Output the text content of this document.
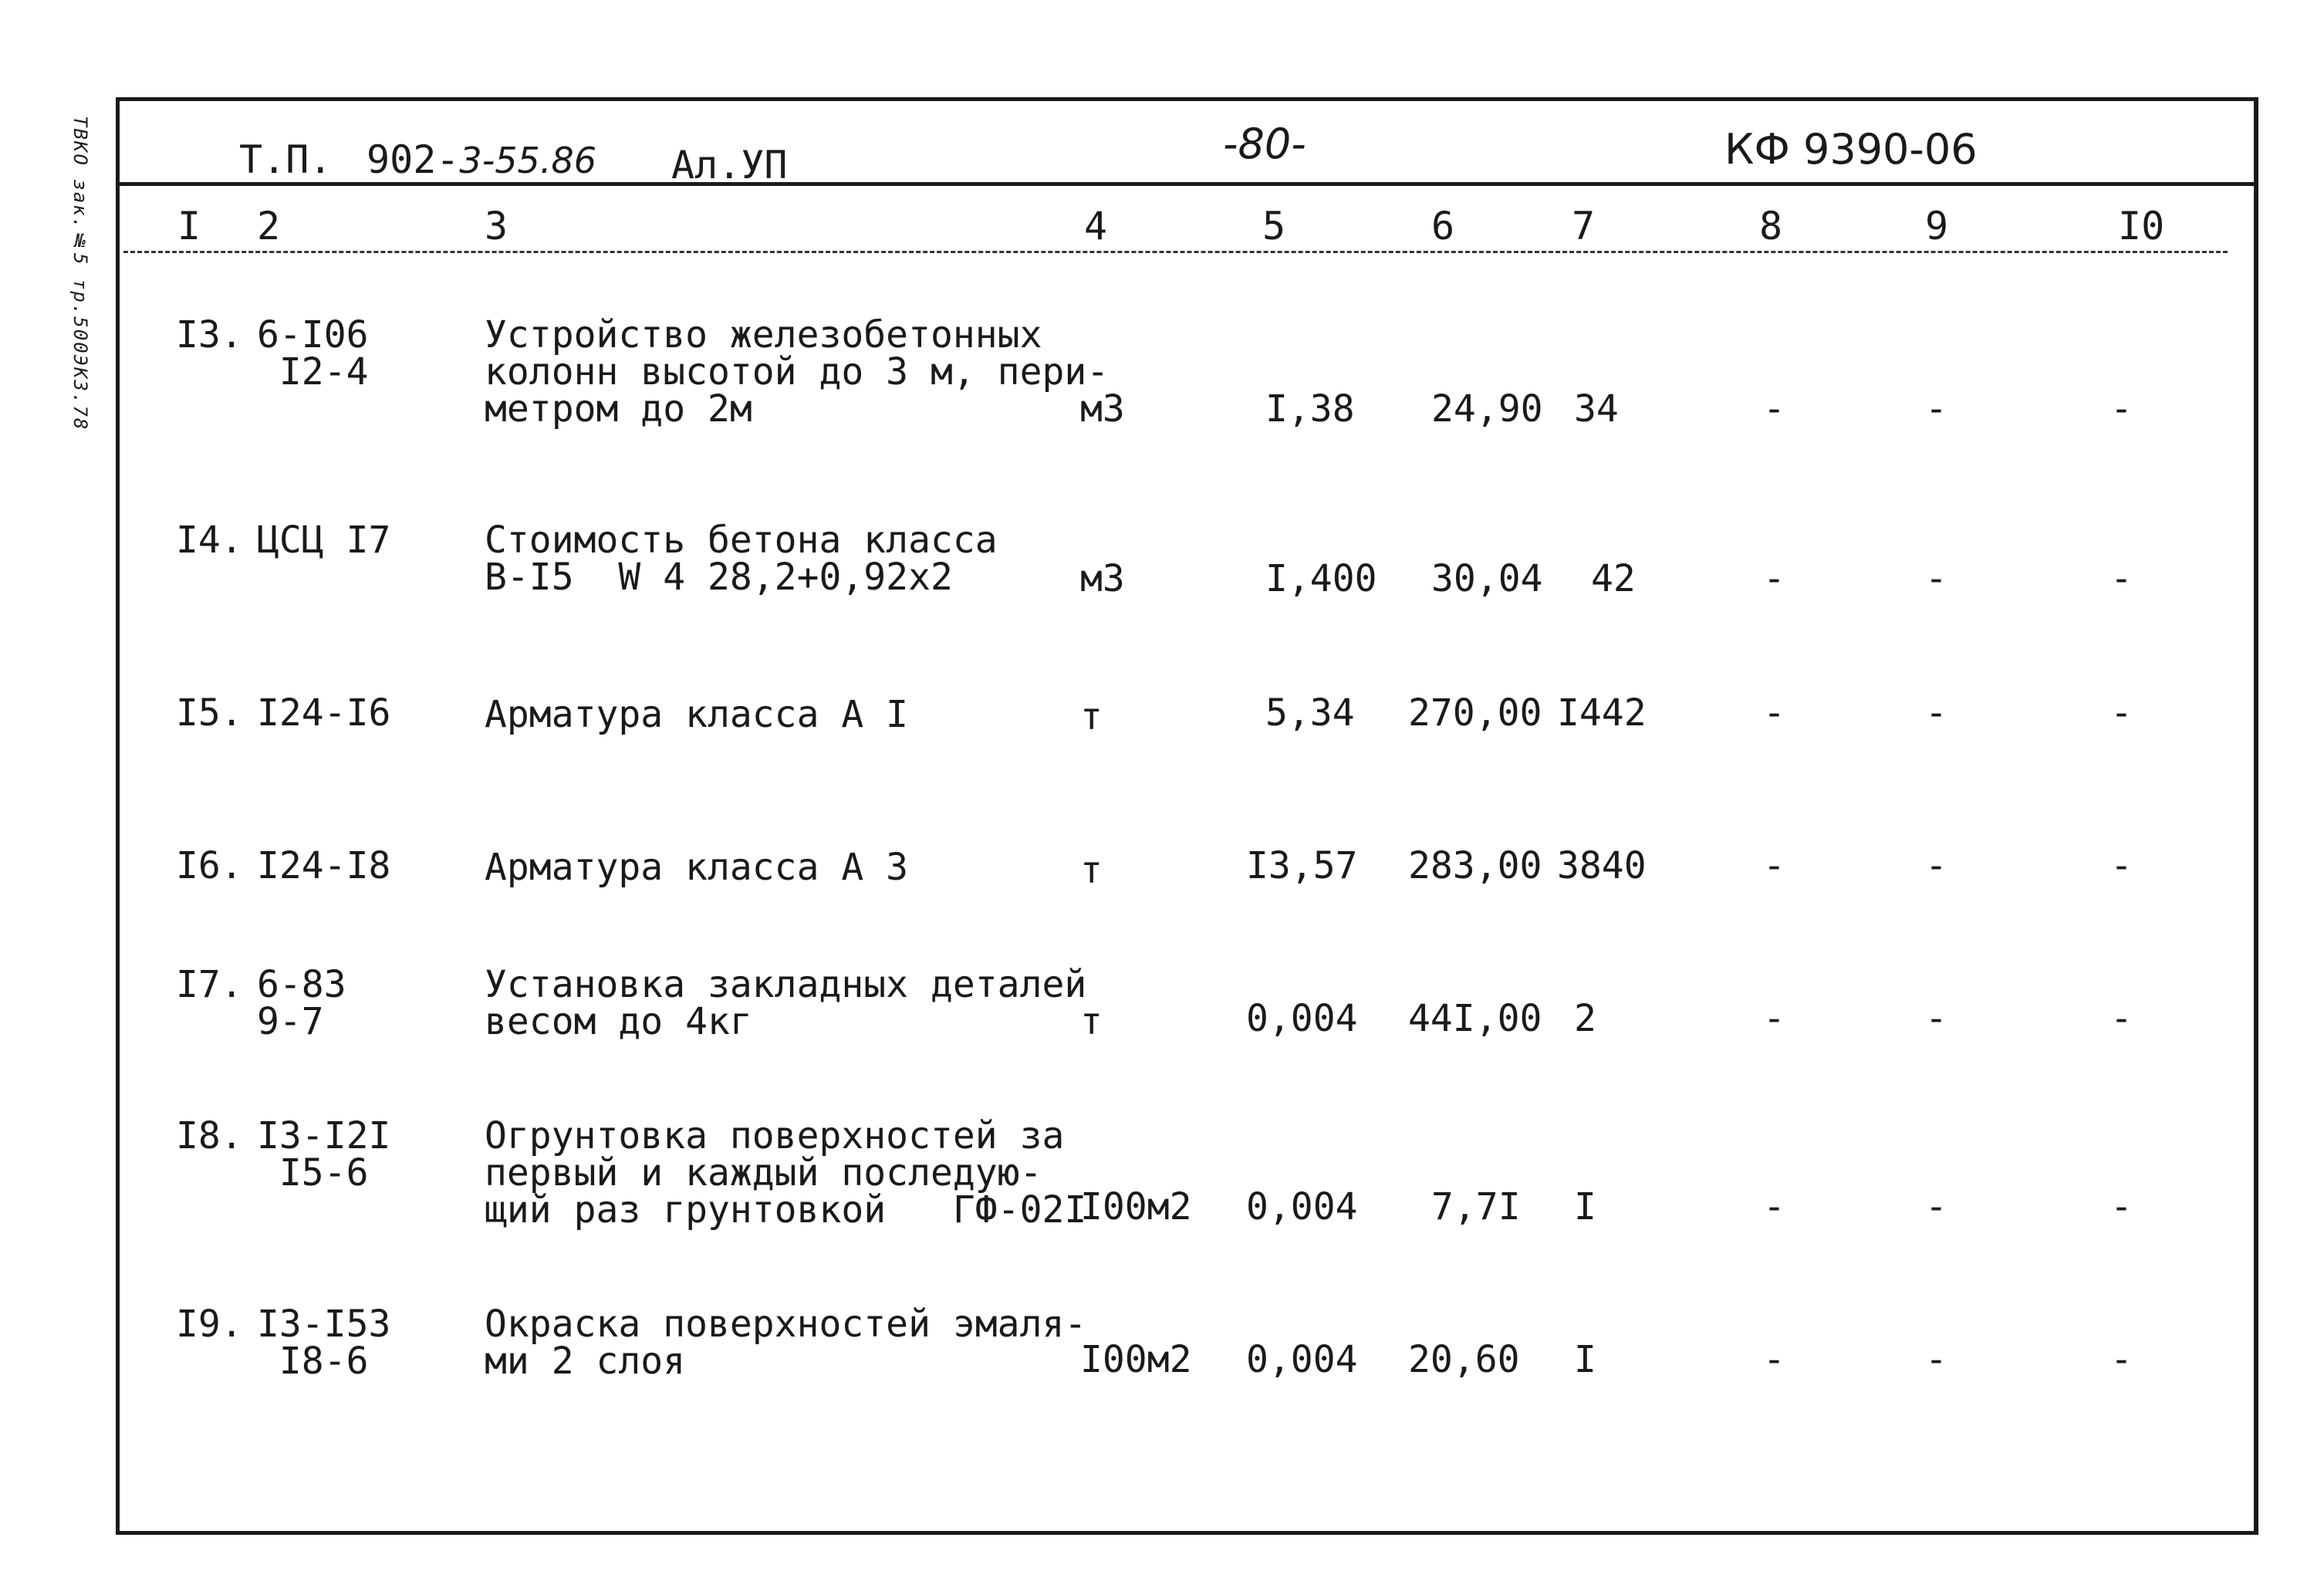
ТВКО зак.№5 тр.500ЭКЗ.78	Т.П. 902-3-55.86 Ал.УП	-80-	КФ 9390-06
I 2	3	4	5	6	7	8	9	I0
I3. 6-I06
I2-4
Устройство железобетонных
колонн высотой до 3 м, пери-
метром до 2м	м3	I,38 24,90 34	-	-	-
I4. ЦСЦ I7	Стоимость бетона класса
В-I5  W 4 28,2+0,92х2	м3	I,400 30,04 42	-	-	-
I5. I24-I6	Арматура класса А I	т	5,34 270,00 I442	-	-	-
I6. I24-I8	Арматура класса А 3	т	I3,57 283,00 3840	-	-	-
I7. 6-83
9-7
Установка закладных деталей
весом до 4кг	т	0,004 44I,00 2	-	-	-
I8. I3-I2I
I5-6
Огрунтовка поверхностей за
первый и каждый последую-
щий раз грунтовкой   ГФ-02I
I00м2 0,004 7,7I I	-	-	-
I9. I3-I53
I8-6
Окраска поверхностей эмаля-
ми 2 слоя	I00м2 0,004 20,60 I	-	-	-
